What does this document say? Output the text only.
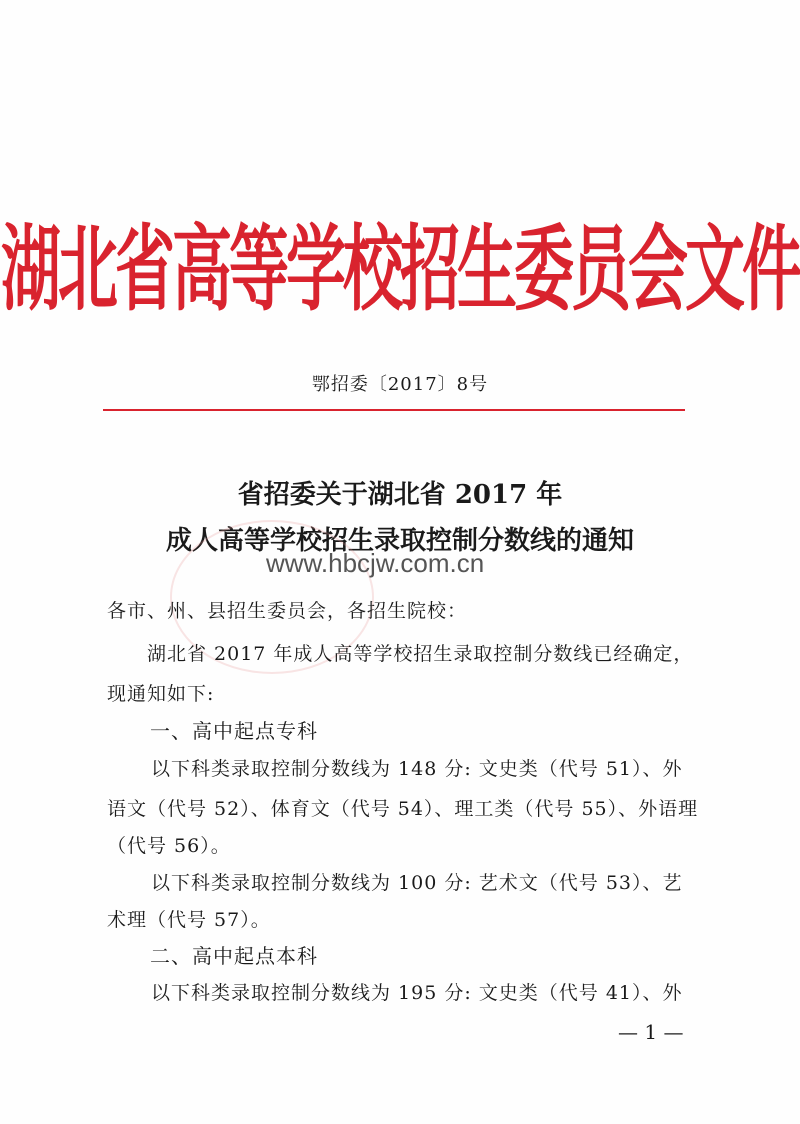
湖北省高等学校招生委员会文件
鄂招委〔2017〕8号
省招委关于湖北省 2017 年
成人高等学校招生录取控制分数线的通知
www.hbcjw.com.cn
各市、州、县招生委员会，各招生院校：
湖北省 2017 年成人高等学校招生录取控制分数线已经确定，
现通知如下:
一、高中起点专科
以下科类录取控制分数线为 148 分: 文史类（代号 51）、外
语文（代号 52）、体育文（代号 54）、理工类（代号 55）、外语理
（代号 56）。
以下科类录取控制分数线为 100 分: 艺术文（代号 53）、艺
术理（代号 57）。
二、高中起点本科
以下科类录取控制分数线为 195 分: 文史类（代号 41）、外
— 1 —
